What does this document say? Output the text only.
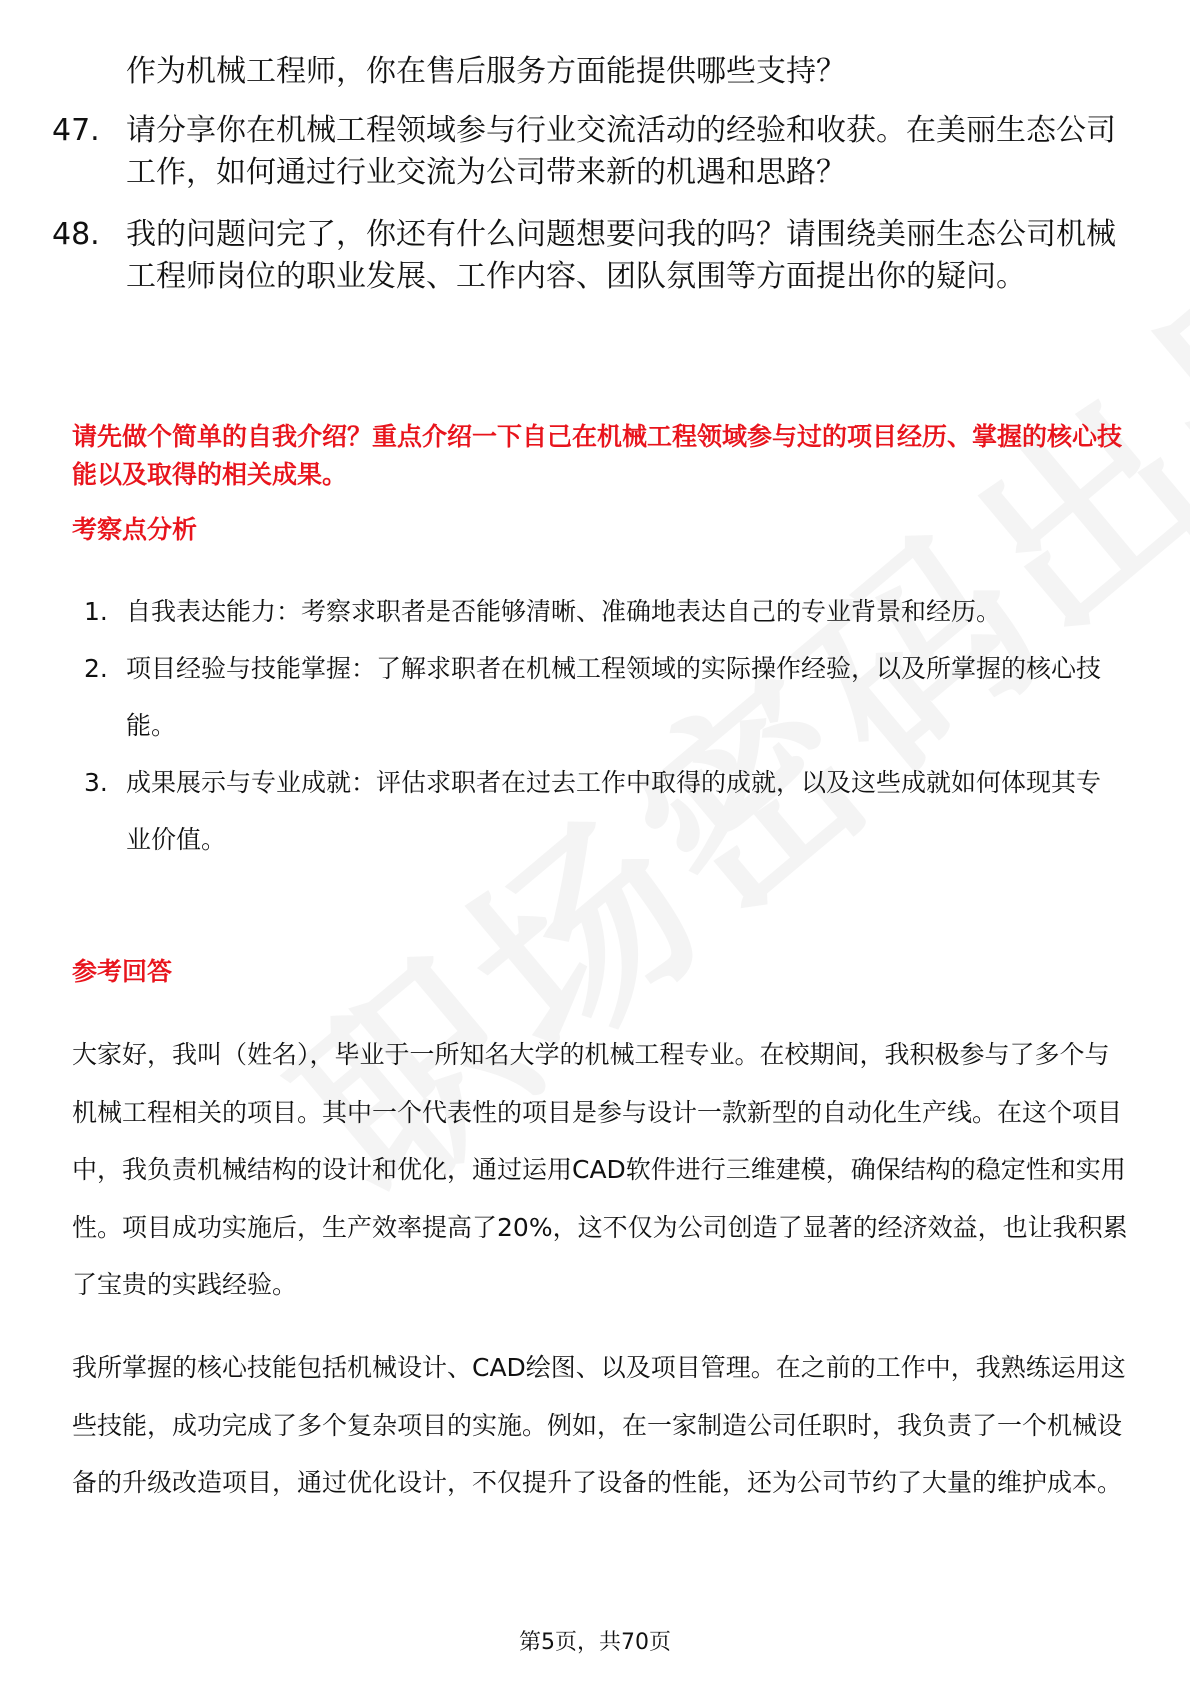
作为机械工程师，你在售后服务方面能提供哪些支持？

47. 请分享你在机械工程领域参与行业交流活动的经验和收获。在美丽生态公司工作，如何通过行业交流为公司带来新的机遇和思路？
48. 我的问题问完了，你还有什么问题想要问我的吗？请围绕美丽生态公司机械工程师岗位的职业发展、工作内容、团队氛围等方面提出你的疑问。

请先做个简单的自我介绍？重点介绍一下自己在机械工程领域参与过的项目经历、掌握的核心技能以及取得的相关成果。

考察点分析
1. 自我表达能力：考察求职者是否能够清晰、准确地表达自己的专业背景和经历。
2. 项目经验与技能掌握：了解求职者在机械工程领域的实际操作经验，以及所掌握的核心技能。
3. 成果展示与专业成就：评估求职者在过去工作中取得的成就，以及这些成就如何体现其专业价值。
参考回答

大家好，我叫（姓名），毕业于一所知名大学的机械工程专业。在校期间，我积极参与了多个与机械工程相关的项目。其中一个代表性的项目是参与设计一款新型的自动化生产线。在这个项目中，我负责机械结构的设计和优化，通过运用CAD软件进行三维建模，确保结构的稳定性和实用性。项目成功实施后，生产效率提高了20%，这不仅为公司创造了显著的经济效益，也让我积累了宝贵的实践经验。

我所掌握的核心技能包括机械设计、CAD绘图、以及项目管理。在之前的工作中，我熟练运用这些技能，成功完成了多个复杂项目的实施。例如，在一家制造公司任职时，我负责了一个机械设备的升级改造项目，通过优化设计，不仅提升了设备的性能，还为公司节约了大量的维护成本。

第5页，共70页
